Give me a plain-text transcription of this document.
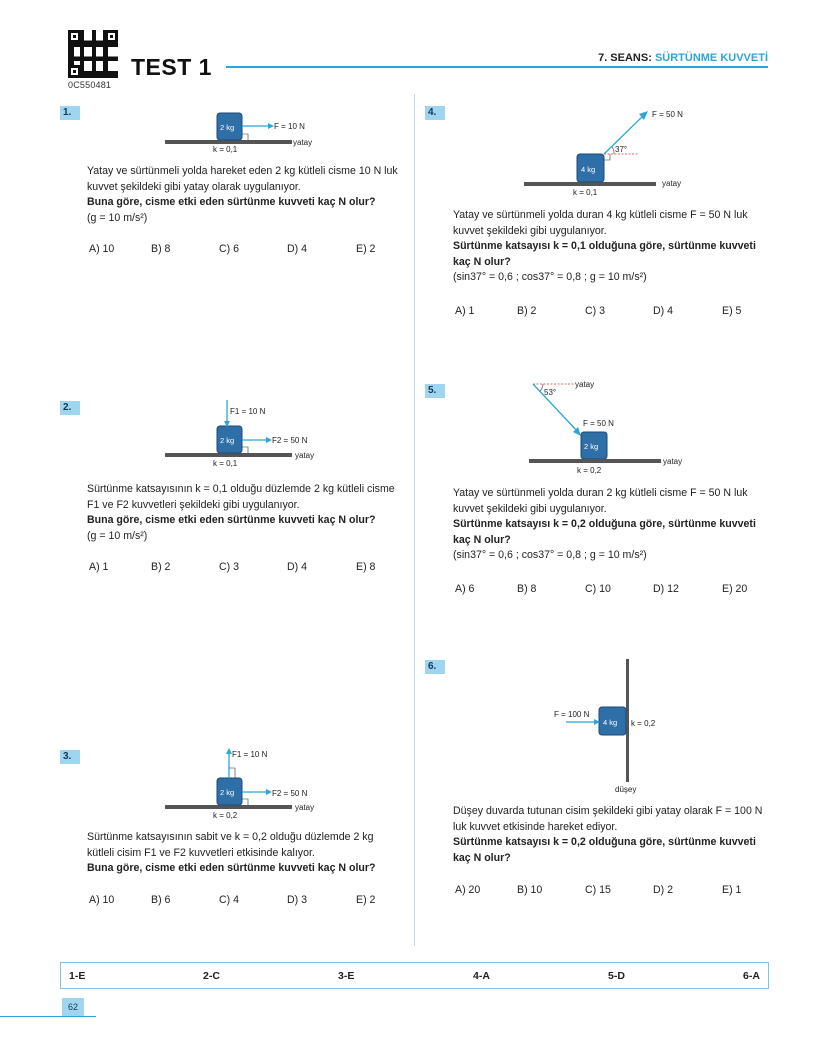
0C550481
TEST 1	7. SEANS: SÜRTÜNME KUVVETİ
1.
2 kg	F = 10 N
yatay
k = 0,1
Yatay ve sürtünmeli yolda hareket eden 2 kg kütleli cisme 10 N luk kuvvet şekildeki gibi yatay olarak uygulanıyor.
Buna göre, cisme etki eden sürtünme kuvveti kaç N olur?
(g = 10 m/s²)
A) 10	B) 8	C) 6	D) 4	E) 2
2.
2 kg
F1 = 10 N
F2 = 50 N
yatay
k = 0,1
Sürtünme katsayısının k = 0,1 olduğu düzlemde 2 kg kütleli cisme F1 ve F2 kuvvetleri şekildeki gibi uygulanıyor.
Buna göre, cisme etki eden sürtünme kuvveti kaç N olur?
(g = 10 m/s²)
A) 1	B) 2	C) 3	D) 4	E) 8
3.
2 kg
F1 = 10 N
F2 = 50 N
yatay
k = 0,2
Sürtünme katsayısının sabit ve k = 0,2 olduğu düzlemde 2 kg kütleli cisim F1 ve F2 kuvvetleri etkisinde kalıyor.
Buna göre, cisme etki eden sürtünme kuvveti kaç N olur?
A) 10	B) 6	C) 4	D) 3	E) 2
4.
4 kg
F = 50 N
37°
yatay
k = 0,1
Yatay ve sürtünmeli yolda duran 4 kg kütleli cisme F = 50 N luk kuvvet şekildeki gibi uygulanıyor.
Sürtünme katsayısı k = 0,1 olduğuna göre, sürtünme kuvveti kaç N olur?
(sin37° = 0,6 ; cos37° = 0,8 ; g = 10 m/s²)
A) 1	B) 2	C) 3	D) 4	E) 5
5.
yatay
53°
F = 50 N
2 kg
yatay
k = 0,2
Yatay ve sürtünmeli yolda duran 2 kg kütleli cisme F = 50 N luk kuvvet şekildeki gibi uygulanıyor.
Sürtünme katsayısı k = 0,2 olduğuna göre, sürtünme kuvveti kaç N olur?
(sin37° = 0,6 ; cos37° = 0,8 ; g = 10 m/s²)
A) 6	B) 8	C) 10	D) 12	E) 20
6.
4 kg
F = 100 N
k = 0,2
düşey
Düşey duvarda tutunan cisim şekildeki gibi yatay olarak F = 100 N luk kuvvet etkisinde hareket ediyor.
Sürtünme katsayısı k = 0,2 olduğuna göre, sürtünme kuvveti kaç N olur?
A) 20	B) 10	C) 15	D) 2	E) 1
1-E	2-C	3-E	4-A	5-D	6-A
62
